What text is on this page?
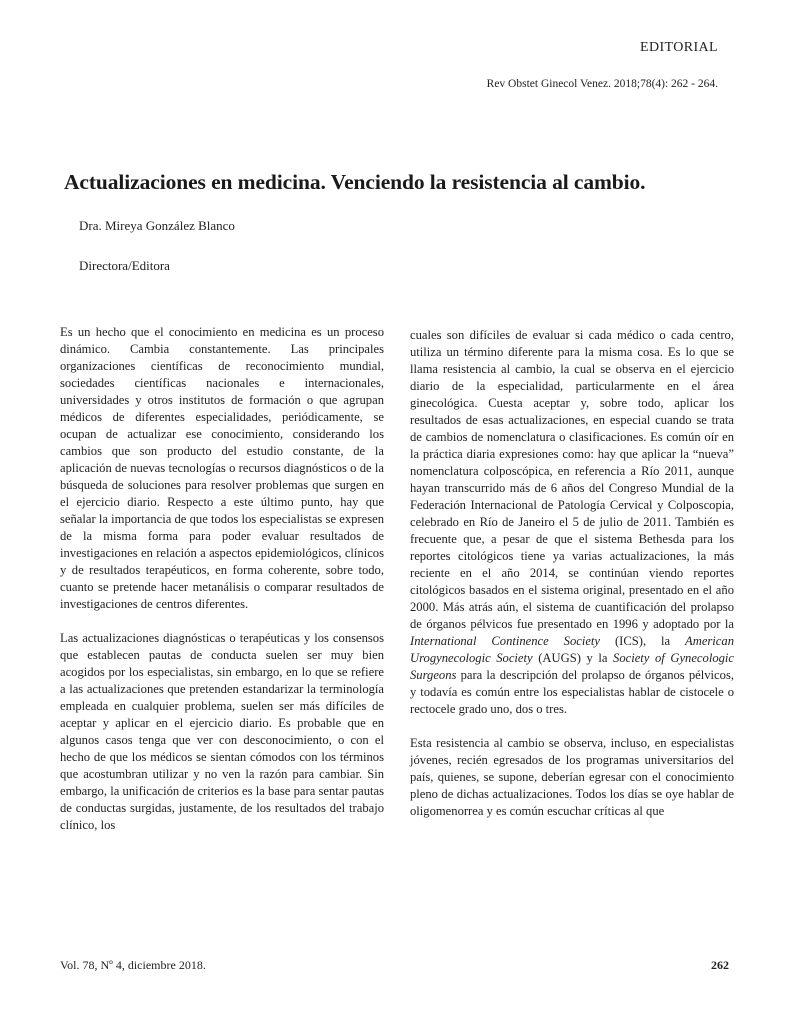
EDITORIAL
Rev Obstet Ginecol Venez. 2018;78(4): 262 - 264.
Actualizaciones en medicina. Venciendo la resistencia al cambio.
Dra. Mireya González Blanco
Directora/Editora

Es un hecho que el conocimiento en medicina es un proceso dinámico. Cambia constantemente. Las principales organizaciones científicas de reconocimiento mundial, sociedades científicas nacionales e internacionales, universidades y otros institutos de formación o que agrupan médicos de diferentes especialidades, periódicamente, se ocupan de actualizar ese conocimiento, considerando los cambios que son producto del estudio constante, de la aplicación de nuevas tecnologías o recursos diagnósticos o de la búsqueda de soluciones para resolver problemas que surgen en el ejercicio diario. Respecto a este último punto, hay que señalar la importancia de que todos los especialistas se expresen de la misma forma para poder evaluar resultados de investigaciones en relación a aspectos epidemiológicos, clínicos y de resultados terapéuticos, en forma coherente, sobre todo, cuanto se pretende hacer metanálisis o comparar resultados de investigaciones de centros diferentes.

Las actualizaciones diagnósticas o terapéuticas y los consensos que establecen pautas de conducta suelen ser muy bien acogidos por los especialistas, sin embargo, en lo que se refiere a las actualizaciones que pretenden estandarizar la terminología empleada en cualquier problema, suelen ser más difíciles de aceptar y aplicar en el ejercicio diario. Es probable que en algunos casos tenga que ver con desconocimiento, o con el hecho de que los médicos se sientan cómodos con los términos que acostumbran utilizar y no ven la razón para cambiar. Sin embargo, la unificación de criterios es la base para sentar pautas de conductas surgidas, justamente, de los resultados del trabajo clínico, los

cuales son difíciles de evaluar si cada médico o cada centro, utiliza un término diferente para la misma cosa. Es lo que se llama resistencia al cambio, la cual se observa en el ejercicio diario de la especialidad, particularmente en el área ginecológica. Cuesta aceptar y, sobre todo, aplicar los resultados de esas actualizaciones, en especial cuando se trata de cambios de nomenclatura o clasificaciones. Es común oír en la práctica diaria expresiones como: hay que aplicar la “nueva” nomenclatura colposcópica, en referencia a Río 2011, aunque hayan transcurrido más de 6 años del Congreso Mundial de la Federación Internacional de Patología Cervical y Colposcopia, celebrado en Río de Janeiro el 5 de julio de 2011. También es frecuente que, a pesar de que el sistema Bethesda para los reportes citológicos tiene ya varias actualizaciones, la más reciente en el año 2014, se continúan viendo reportes citológicos basados en el sistema original, presentado en el año 2000. Más atrás aún, el sistema de cuantificación del prolapso de órganos pélvicos fue presentado en 1996 y adoptado por la International Continence Society (ICS), la American Urogynecologic Society (AUGS) y la Society of Gynecologic Surgeons para la descripción del prolapso de órganos pélvicos, y todavía es común entre los especialistas hablar de cistocele o rectocele grado uno, dos o tres.

Esta resistencia al cambio se observa, incluso, en especialistas jóvenes, recién egresados de los programas universitarios del país, quienes, se supone, deberían egresar con el conocimiento pleno de dichas actualizaciones. Todos los días se oye hablar de oligomenorrea y es común escuchar críticas al que

Vol. 78, Nº 4, diciembre 2018.	262
